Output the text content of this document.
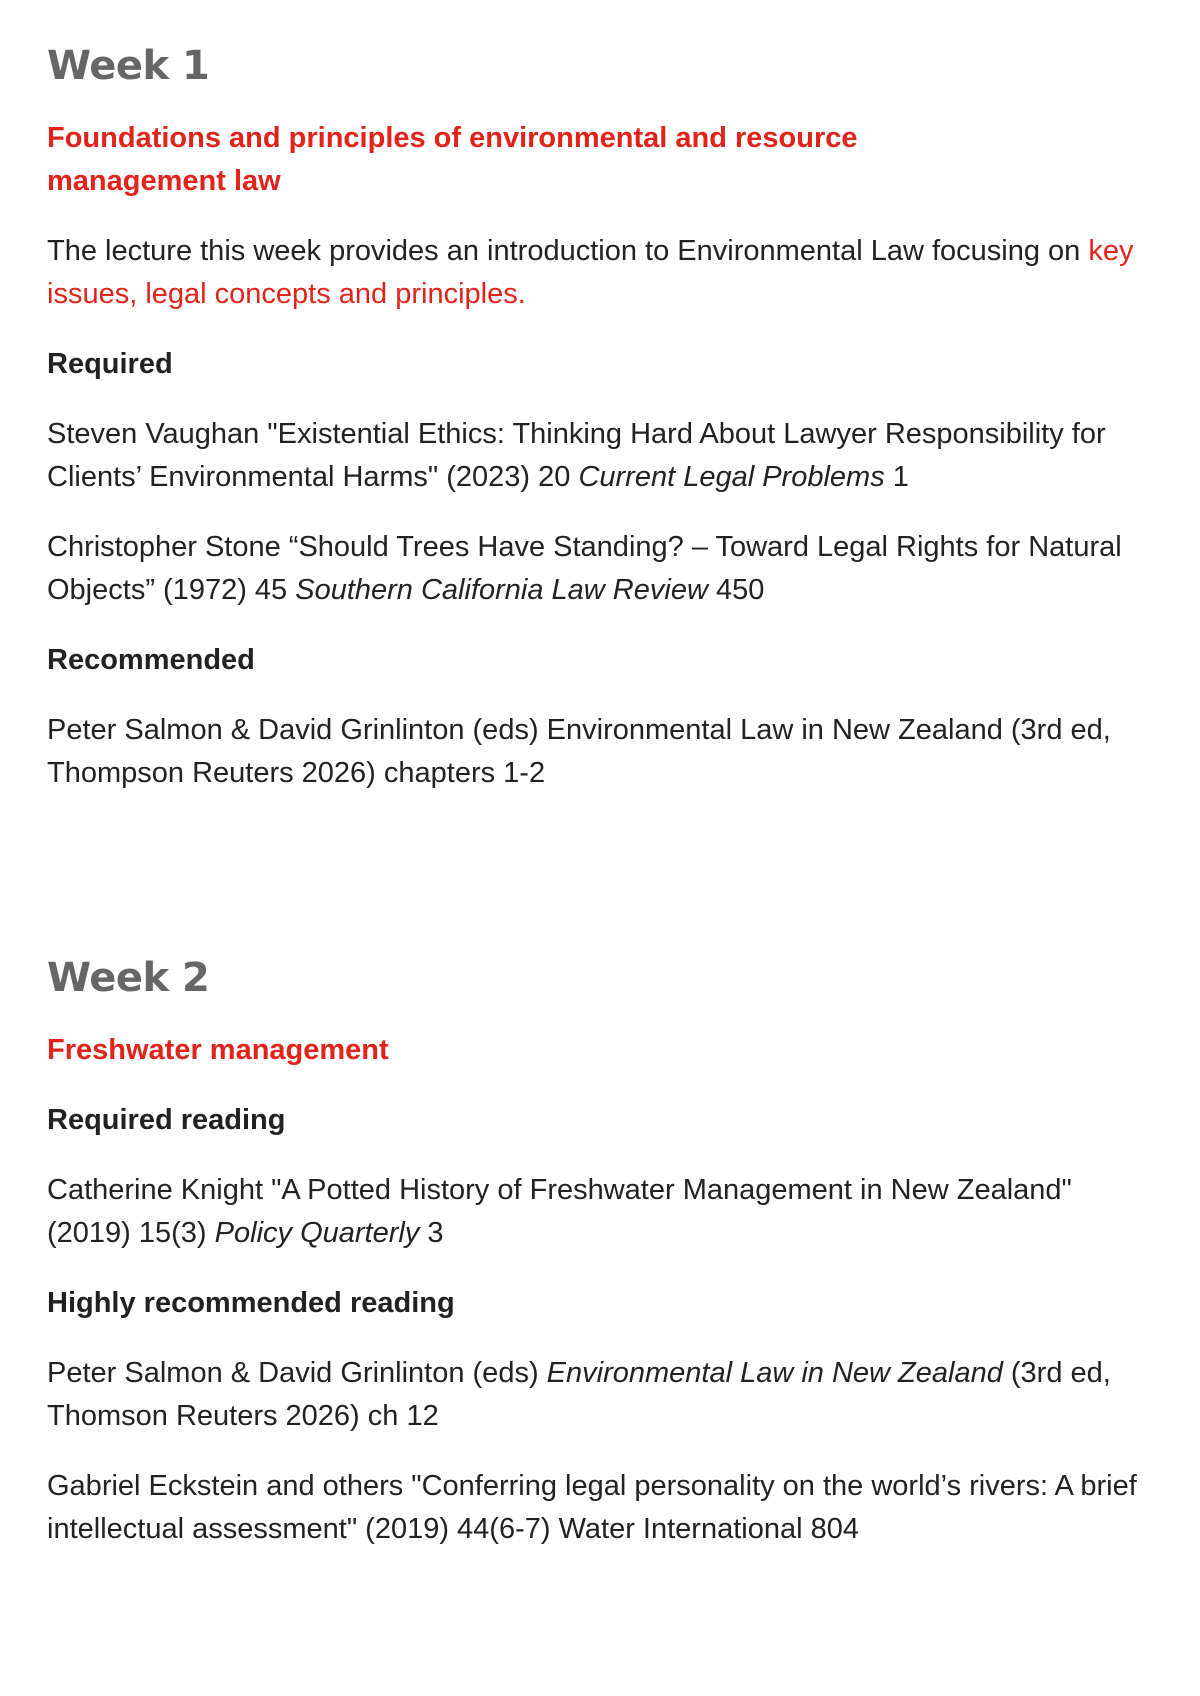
Week 1
Foundations and principles of environmental and resource
management law

The lecture this week provides an introduction to Environmental Law focusing on key issues, legal concepts and principles.

Required

Steven Vaughan "Existential Ethics: Thinking Hard About Lawyer Responsibility for Clients’ Environmental Harms" (2023) 20 Current Legal Problems 1

Christopher Stone “Should Trees Have Standing? – Toward Legal Rights for Natural Objects” (1972) 45 Southern California Law Review 450

Recommended

Peter Salmon & David Grinlinton (eds) Environmental Law in New Zealand (3rd ed, Thompson Reuters 2026) chapters 1-2

Week 2
Freshwater management

Required reading

Catherine Knight "A Potted History of Freshwater Management in New Zealand" (2019) 15(3) Policy Quarterly 3

Highly recommended reading

Peter Salmon & David Grinlinton (eds) Environmental Law in New Zealand (3rd ed, Thomson Reuters 2026) ch 12

Gabriel Eckstein and others "Conferring legal personality on the world’s rivers: A brief intellectual assessment" (2019) 44(6-7) Water International 804
